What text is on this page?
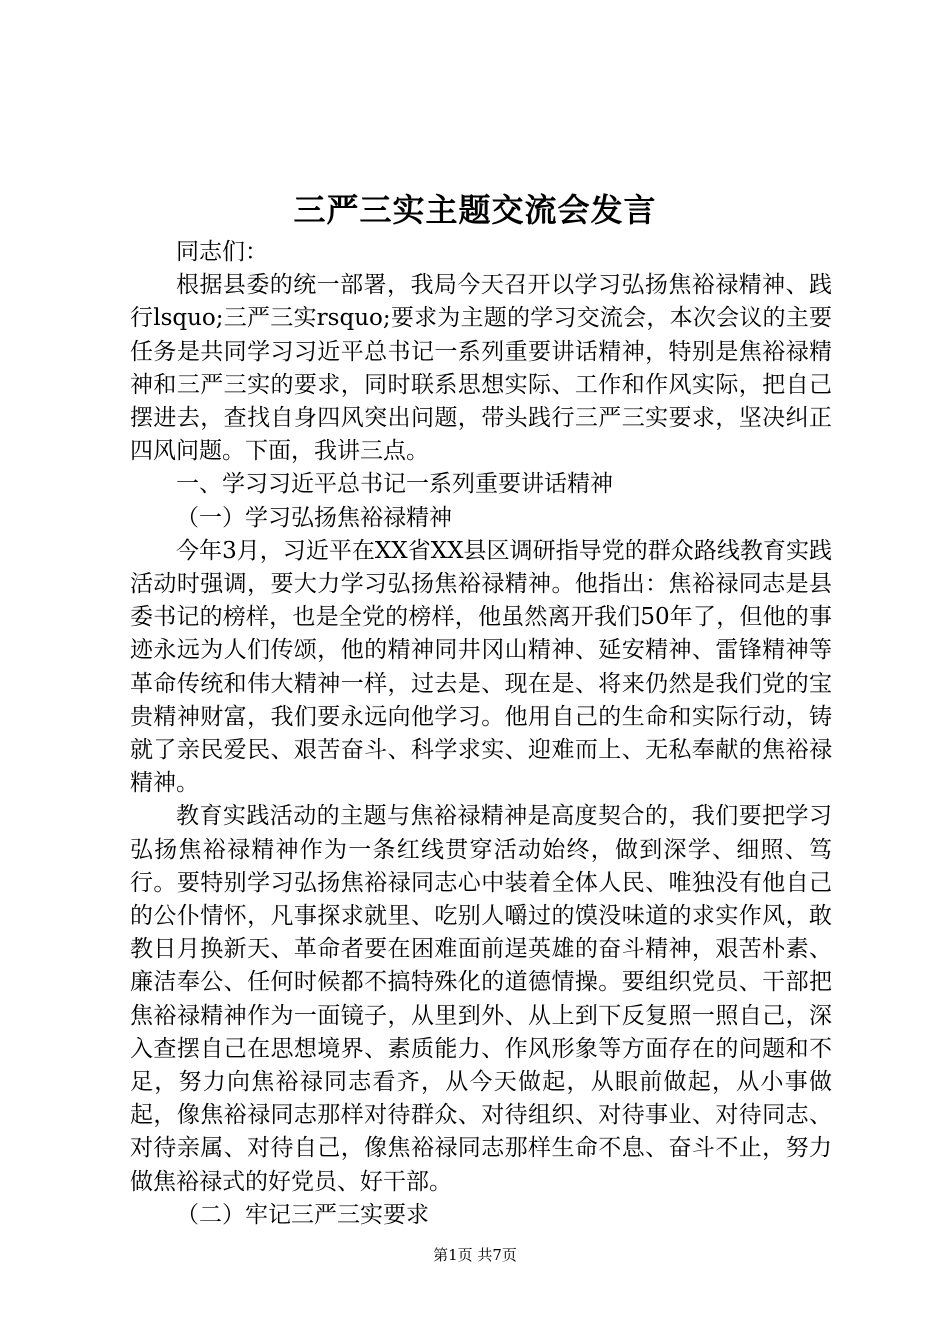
三严三实主题交流会发言

同志们：

根据县委的统一部署，我局今天召开以学习弘扬焦裕禄精神、践行lsquo;三严三实rsquo;要求为主题的学习交流会，本次会议的主要任务是共同学习习近平总书记一系列重要讲话精神，特别是焦裕禄精神和三严三实的要求，同时联系思想实际、工作和作风实际，把自己摆进去，查找自身四风突出问题，带头践行三严三实要求，坚决纠正四风问题。下面，我讲三点。

一、学习习近平总书记一系列重要讲话精神

（一）学习弘扬焦裕禄精神

今年3月，习近平在XX省XX县区调研指导党的群众路线教育实践活动时强调，要大力学习弘扬焦裕禄精神。他指出：焦裕禄同志是县委书记的榜样，也是全党的榜样，他虽然离开我们50年了，但他的事迹永远为人们传颂，他的精神同井冈山精神、延安精神、雷锋精神等革命传统和伟大精神一样，过去是、现在是、将来仍然是我们党的宝贵精神财富，我们要永远向他学习。他用自己的生命和实际行动，铸就了亲民爱民、艰苦奋斗、科学求实、迎难而上、无私奉献的焦裕禄精神。

教育实践活动的主题与焦裕禄精神是高度契合的，我们要把学习弘扬焦裕禄精神作为一条红线贯穿活动始终，做到深学、细照、笃行。要特别学习弘扬焦裕禄同志心中装着全体人民、唯独没有他自己的公仆情怀，凡事探求就里、吃别人嚼过的馍没味道的求实作风，敢教日月换新天、革命者要在困难面前逞英雄的奋斗精神，艰苦朴素、廉洁奉公、任何时候都不搞特殊化的道德情操。要组织党员、干部把焦裕禄精神作为一面镜子，从里到外、从上到下反复照一照自己，深入查摆自己在思想境界、素质能力、作风形象等方面存在的问题和不足，努力向焦裕禄同志看齐，从今天做起，从眼前做起，从小事做起，像焦裕禄同志那样对待群众、对待组织、对待事业、对待同志、对待亲属、对待自己，像焦裕禄同志那样生命不息、奋斗不止，努力做焦裕禄式的好党员、好干部。

（二）牢记三严三实要求

第1页 共7页
